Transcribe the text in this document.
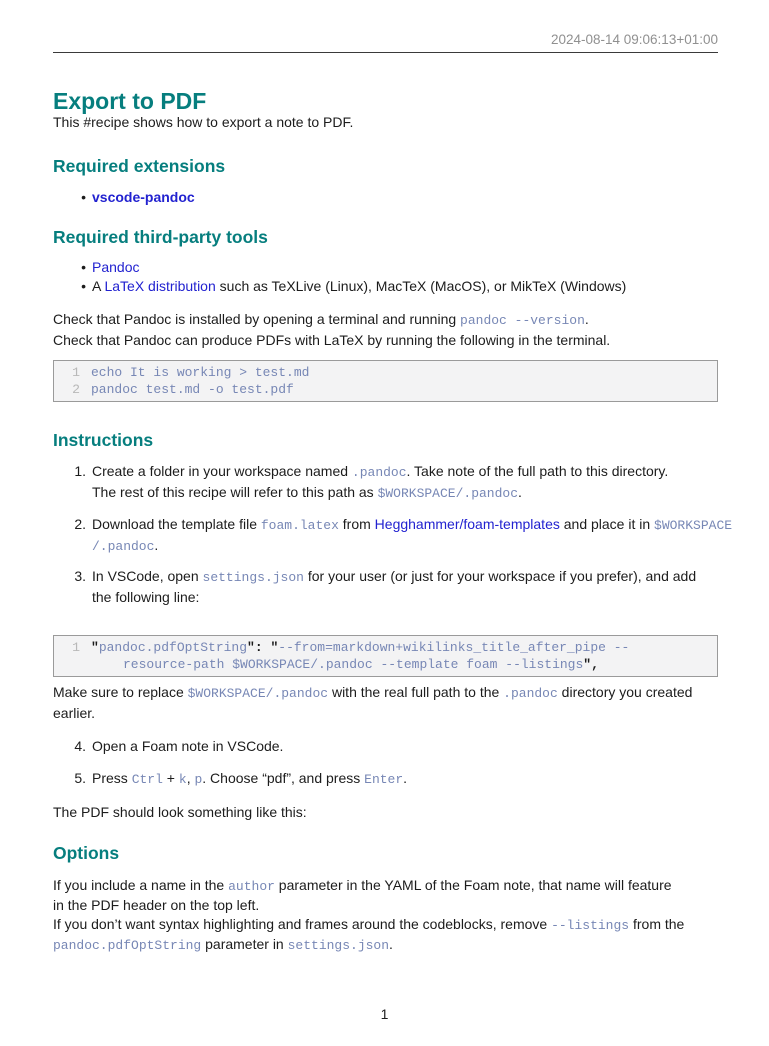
2024-08-14 09:06:13+01:00
Export to PDF

This #recipe shows how to export a note to PDF.

Required extensions
• vscode-pandoc
Required third-party tools
• Pandoc
• A LaTeX distribution such as TeXLive (Linux), MacTeX (MacOS), or MikTeX (Windows)
Check that Pandoc is installed by opening a terminal and running pandoc --version.
Check that Pandoc can produce PDFs with LaTeX by running the following in the terminal.
1 echo It is working > test.md
2 pandoc test.md -o test.pdf
Instructions
1. Create a folder in your workspace named .pandoc. Take note of the full path to this directory.
The rest of this recipe will refer to this path as $WORKSPACE/.pandoc.
2. Download the template file foam.latex from Hegghammer/foam-templates and place it in $WORKSPACE
/.pandoc.
3. In VSCode, open settings.json for your user (or just for your workspace if you prefer), and add
the following line:
1 "pandoc.pdfOptString": "--from=markdown+wikilinks_title_after_pipe --
resource-path $WORKSPACE/.pandoc --template foam --listings",
Make sure to replace $WORKSPACE/.pandoc with the real full path to the .pandoc directory you created
earlier.
4. Open a Foam note in VSCode.
5. Press Ctrl + k, p. Choose “pdf”, and press Enter.
The PDF should look something like this:
Options
If you include a name in the author parameter in the YAML of the Foam note, that name will feature
in the PDF header on the top left.
If you don’t want syntax highlighting and frames around the codeblocks, remove --listings from the
pandoc.pdfOptString parameter in settings.json.
1
